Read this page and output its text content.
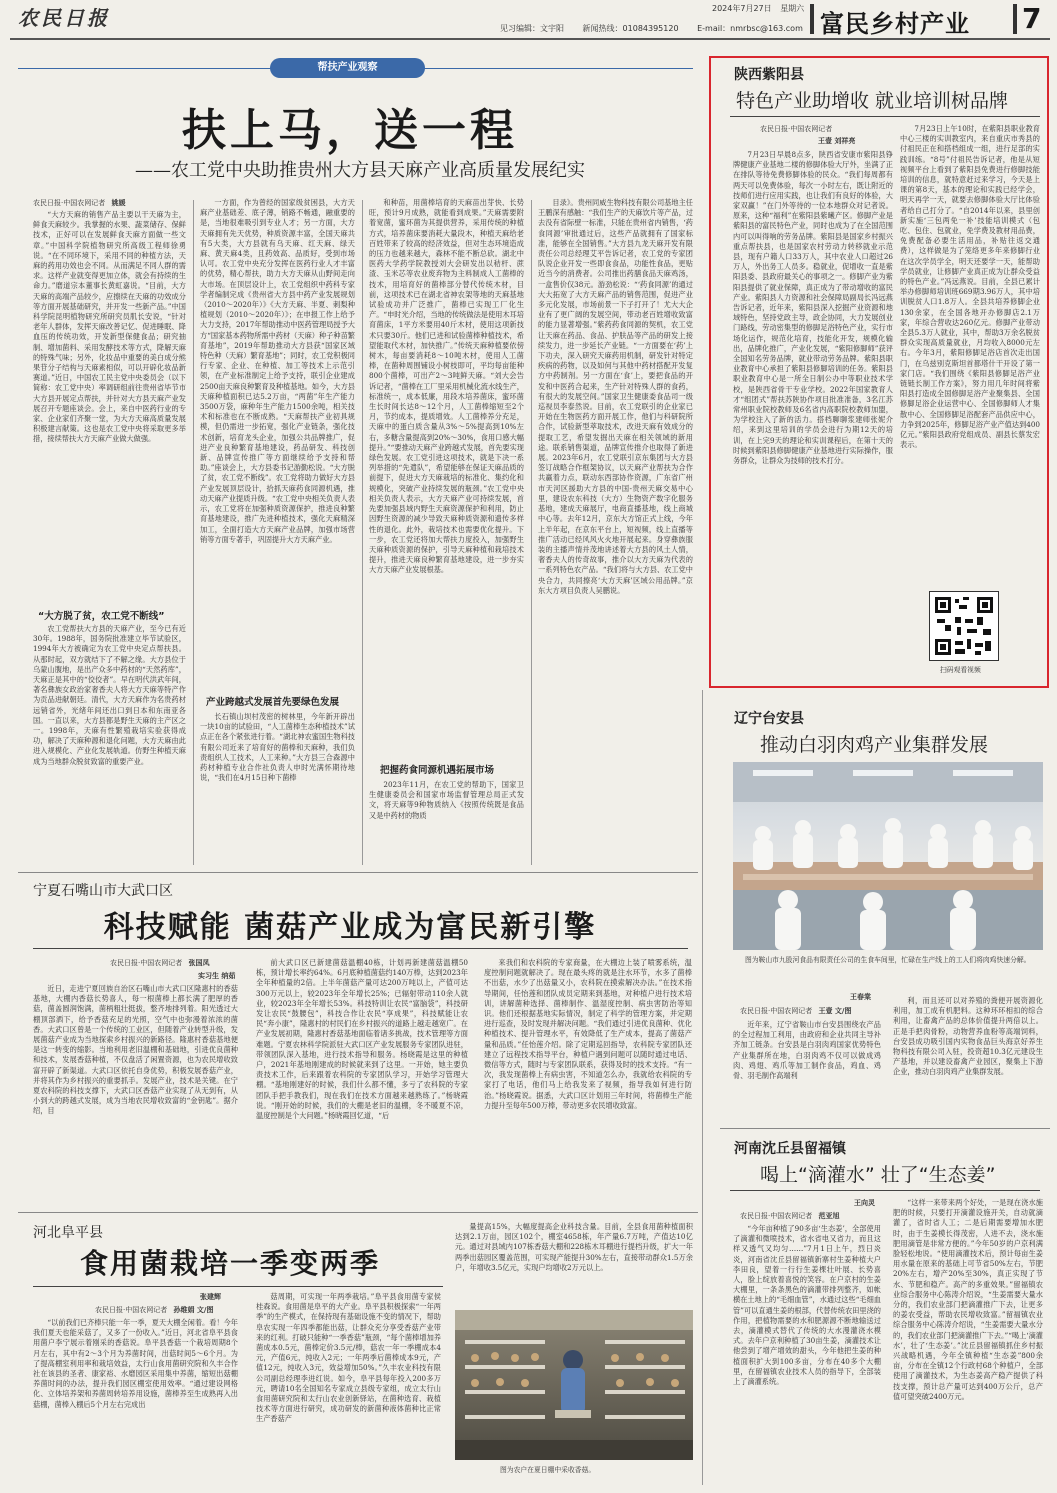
农民日报	2024年7月27日 星期六
见习编辑：文宇阳 新闻热线：01084395120 E-mail：nmrbsc@163.com 富民乡村产业 7
帮扶产业观察
扶上马，送一程
——农工党中央助推贵州大方县天麻产业高质量发展纪实
农民日报·中国农网记者 姚媛

“大方天麻的销售产品主要以干天麻为主，鲜食天麻较少。我掌握的水果、蔬菜储存、保鲜技术，正好可以在发展鲜食天麻方面做一些文章。”中国科学院植物研究所高级工程师徐勇说。“在不同环境下，采用不同的种植方法，天麻的药用功效也会不同。从而满足不同人群的需求。这样产业就变得更加立体，就会有持续的生命力。”磨道宗本董事长黄虹嘉说。“目前，大方天麻的高端产品较少，应擦续在天麻的功效成分等方面开展基础研究，并开发一些新产品。”中国科学院昆明植物研究所研究员肌长安说，“针对老年人群体，发挥天麻改善记忆、促进睡眠、降血压的传统功效，开发新型保健食品；研究抽制、增加菌料、采用发酵技术等方式，降解天麻的特殊气味；另外，化妆品中重要的美白成分熊果苷分子结构与天麻素相似，可以开辟化妆品新赛道。”近日，中国农工民主党中央委员会（以下简称：农工党中央）率调研组前往贵州省毕节市大方县开展定点帮扶，并针对大方县天麻产业发展召开专题座谈会。会上，来自中医药行业的专家、企业家们齐聚一堂，为大方天麻高质量发展积极建言献策。这也是农工党中央将采取更多举措，接续帮扶大方天麻产业做大做强。

“大方脱了贫，农工党不断线”

农工党帮扶大方县的天麻产业，至今已有近30年。1988年，国务院批准建立毕节试验区，1994年大方被确定为农工党中央定点帮扶县。从那时起，双方就结下了不解之缘。大方县位于乌蒙山腹地，是出产众多中药材的“天然药库”，天麻正是其中的“佼佼者”。早在明代洪武年间，著名彝族女政治家奢香夫人将大方天麻等特产作为贡品进献朝廷。清代，大方天麻作为名贵药材远销省外，光绪年间还出口到日本和东南亚各国。一直以来，大方县都是野生天麻的主产区之一。1998年，天麻有性繁殖栽培实验获得成功，解决了天麻种源和退化问题，大方天麻由此进入规模化、产业化发展轨道。仿野生种植天麻成为当地群众脱贫致富的重要产业。

一方面，作为曾经的国家级贫困县，大方天麻产业基础差、底子薄，销路不畅通，融重要的是，当地很难吸引到专业人才；另一方面，大方天麻拥有先天优势，种质资源丰富，全国天麻共有5大类，大方县就有乌天麻、红天麻、绿天麻、黄天麻4类，且药效高、品质好，受到市场认可。农工党中央充分发挥在医药行业人才丰富的优势，精心帮扶，助力大方天麻从山野间走向大市场。在顶层设计上，农工党组织中药科专家学者编制完成《贵州省大方县中药产业发展规划（2010～2020年）》《大方天麻、半夏、刺梨种植规划（2010～2020年）》；在申报工作上给予大力支持，2017年帮助推动中医药管理局授予大方“国家基本药物所需中药材（天麻）种子种苗繁育基地”，2019年帮助推动大方县获“国家区域特色种（天麻）繁育基地”；同时，农工党积极同行专家、企业、在种植、加工等技术上示范引领，在产业标准制定上给予支持，联引企业建成2500亩天麻良种繁育及种植基地。如今，大方县天麻种植面积已达5.2万亩，“两菌”年生产能力3500万袋，麻种年生产能力1500余吨，相关技术和标准也在不断成熟。“天麻帮扶产业初具规模，但仍需进一步拓宽，强化产业链条，强化技术创新，培育龙头企业，加强公共品牌推广，促进产业良种繁育基地建设，药品研发、科技创新、品牌宣传推广等方面继续给予支持和帮助。”座谈会上，大方县委书记游勤松说。“大方脱了贫，农工党不断线”。农工党将助力做好大方县产业发展顶层设计，拾抓天麻药食同源机遇，推动天麻产业提质升级。“农工党中央相关负责人表示，农工党将在加强种质资源保护，推进良种繁育基地建设，推广先进种植技术，强化天麻精深加工，全面打造大方天麻产业品牌，加强市场营销等方面专著手，巩固提升大方天麻产业。

产业跨越式发展首先要绿色发展

长石镇山坝村茂密的树林里，今年新开辟出一块10亩的试验田，“人工菌棒生态种植技术”试点正在各个紧张进行着。“湖北神农蜜国生物科技有限公司近来了培育好的菌棒和天麻种，我们负责组织人工技术，人工来种。”大方县三合森源中药材种植专业合作社负责人申时光满怀期待地说，“我们在4月15日种下菌棒

和种苗，用菌棒培育的天麻苗出芽快、长势旺，预计9月成熟，就能看到成果。”天麻需要附着宽菌，蜜环菌为其提供营养，采用传统的种植方式，培养菌床要消耗大量段木，种植天麻给老百姓带来了较高的经济效益，但对生态环境造成的压力也越来越大，森林不能不断总砍。湖北中医药大学药学院教授刘大会研发出以秸杆、蔗渣、玉米芯等农业废弃物为主料制成人工菌棒的技术，用培育好的菌棒部分替代传统木材，目前，这项技术已在湖北省神农架等地的天麻基地试验成功并广泛推广，菌棒已实现工厂化生产。“申时光介绍，当地的传统做法是使用木耳培育菌床，1平方米要用40斤木材，使用这项新技术只要30斤。他们已进和试验菌棒种植技术，希望能取代木材，加快推广。”传统天麻种植要依傍树木，每亩要消耗8～10吨木材，使用人工菌棒，在菌种周围铺设小树枝即可，平均每亩能种800个菌棒，可出产2～3吨鲜天麻。“刘大会告诉记者，“菌棒在工厂里采用机械化流水线生产，标准统一，成本低廉，用段木培养菌床，蜜环菌生长时间长达8～12个月，人工菌棒缩短至2个月，节约成本，提质增效。人工菌棒养分充足，天麻中的蛋白质含量从3%～5%提高到10%左右，多糖含量提高到20%～30%，食用口感大幅提升。”“要推动天麻产业跨越式发展，首先要实现绿色发展。农工党引进这项技术，就是下决一系列举措的“先遣队”，希望能够在保证天麻品质的前提下，促进大方天麻栽培的标准化、集约化和规模化，突破产业持续发展的瓶颈。”农工党中央相关负责人表示，大方天麻产业可持续发展，首先要加强县域内野生天麻资源保护和利用，防止因野生资源的减少导致天麻种质资源和遗传多样性的退化。此外，栽培技术也需要优化提升。下一步，农工党还将加大帮扶力度投入，加强野生天麻种质资源的保护，引导天麻种植和栽培技术提升，推进天麻良种繁育基地建设，进一步夯实大方天麻产业发展根基。

把握药食同源机遇拓展市场

2023年11月，在农工党的帮助下，国家卫生健康委员会和国家市场监督管理总局正式发文，将天麻等9种物质纳入《按照传统既是食品又是中药材的物质

目录》。贵州同威生物科技有限公司基地主任王鹏深有感触：“我们生产的天麻饮片等产品，过去没有省际壁一标准，只能在贵州省内销售，‘药食同源’审批通过后，这些产品就拥有了国家标准，能够在全国销售。”大方县九龙天麻开发有限责任公司总经理艾平告诉记者，农工党的专家团队说企业开发一些即食食品，功能性食品，更贴近当今的消费者。公司推出药膳食品天麻鸡汤，一盒售价仅38元。游劲松说：“‘药食同源’的通过大大拓宽了大方天麻产品的销售范围，促进产业多元化发展，市场前景一下子打开了！尤大大企业有了更广阔的发展空间，带动老百姓增收致富的能力显著增强。”紫药药食同源的契机，农工党让天麻在药品、食品、护肤品等产品的研发上接续发力，进一步延长产业链。“一方面要在‘药’上下功夫，深入研究天麻药用机制，研发针对特定疾病的药物，以及如何与其他中药材搭配开发复方中药制剂。另一方面在‘食’上，要把食品的开发和中医药合起来，生产针对特殊人群的食药，有很大的发展空间。”国家卫生健康委食品司一级巡视员李泰然说。目前，农工党联引的企业家已开始在生物医药方面开展工作，他们与科研院所合作，试验新型萃取技术，改进天麻有效成分的提取工艺，希望发掘出天麻在相关领域的新用途。联系销售渠道，品牌宣传推介也取得了新进展。2023年6月，农工党联引京东集团与大方县签订战略合作框架协议，以天麻产业帮扶为合作共赢着力点，联动东西部协作资源，广东省广州市天河区援助大方县的中国-贵州天麻交易中心里，建设农东科技（大方）生物资产数字化服务基地，建成天麻展厅，电商直播基地，线上商城中心等。去年12月，京东大方馆正式上线，今年上半年起，在京东平台上，短视频，线上直播等推广活动已经风风火火地开展起来。身穿彝族服装的主播声情并茂地讲述着大方县的风土人情，奢香夫人的传奇故事，推介以大方天麻为代表的一系列特色农产品。“我们将与大方县、农工党中央合力，共同擦亮‘大方天麻’区域公用品牌。”京东大方项目负责人吴鹏说。

陕西紫阳县
特色产业助增收 就业培训树品牌
农民日报·中国农网记者
王壹 刘祥亮

7月23日早晨8点多，陕西省安康市紫阳县铮牌健康产业基地二楼的修脚体验大厅外，坐满了正在排队等待免费修脚体验的民众。“我们每周都有两天可以免费体验，每次一小时左右，既让附近的技师们进行应用实践，也让我们有良好的体验，大家双赢！”在门外等待的一位本地群众对记者说。原来，这种“福利”在紫阳县紫曦产区。修脚产业是紫阳县的富民特色产业，同时也成为了在全国范围内可以叫得响的劳务品牌。紫阳县是国家乡村振兴重点帮扶县，也是国家农村劳动力转移就业示范县，现有户籍人口33万人，其中农业人口超过26万人，外出务工人员多。稳就业，促增收一直是紫阳县委、县政府最关心的事项之一。修脚产业为紫阳县提供了就业保障，真正成为了带动增收的富民产业。紫阳县人力资源和社会保障局副局长冯远燕告诉记者，近年来，紫阳县深入挖掘产业资源和地域特色，坚持党政主导，政企协同，大力发展创业门路线，劳动密集型的修脚足浴特色产业，实行市场化运作，规范化培育，技能化开发，规模化输出，品牌化推广，产业化发展，“紫阳修脚师”获评全国知名劳务品牌，就业带动劳务品牌。紫阳县职业教育中心承担了紫阳县修脚培训的任务。紫阳县职业教育中心是一所全日制公办中等职业技术学校，是陕西省骨干专业学校。2022年国家教育人才“组团式”帮扶苏陕协作项目批准准备，3名江苏常州职业院校教师及6名省内高职院校教师加盟，为学校注入了新的活力。搭档聊聊浆建师张妮介绍，来到这里培训的学员会进行为期12天的培训，在上完9天的理论和实训课程后，在第十天的时候到紫阳县修脚健康产业基地进行实际操作，服务群众，让群众为技师的技术打分。

7月23日上午10时，在紫阳县职业教育中心三楼的实训教室内，来自重庆市秀县的付祖民正在和搭档组成一组，进行足部的实践训练。“8号”付祖民告诉记者，他是从短视频平台上看到了紫阳县免费进行修脚技能培训的信息，就特意赶过来学习，今天是上课的第8天，基本的理论和实践已经学会，明天再学一天，就要去修脚体验大厅比体验者给自己打分了。“自2014年以来，县里创新实施‘三包两免一补’技能培训模式（包吃、包住、包就业，免学费及教材用品费，免费配备必要生活用品，补贴往返交通费），这样做是为了笼络更多年来修脚行业在这次学员学全，明天还要学一天，能帮助学员就业，让修脚产业真正成为让群众受益的特色产业。”冯远燕说。目前，全县已累计举办修脚师培训班669期3.96万人，其中培训脱贫人口1.8万人。全县共培养修脚企业130余家，在全国各地开办修脚店2.1万家，年综合营收达260亿元。修脚产业带动全县5.3万人就业，其中，帮助3万余名脱贫群众实现高质量就业，月均收入8000元左右。今年3月，紫阳修脚足浴店首次走出国门，在乌兹别克斯坦首都塔什干开设了第一家门店。“我们围绕《紫阳县修脚足浴产业链链长制工作方案》，努力用几年时间将紫阳县打造成全国修脚足浴产业聚集县、全国修脚足浴企业运营中心、全国修脚师人才集散中心、全国修脚足浴配套产品供应中心，力争到2025年，修脚足浴产业产值达到400亿元。”紫阳县政府党组成员、副县长蔡发宏表示。

扫码观看视频
辽宁台安县
推动白羽肉鸡产业集群发展
图为鞍山市九股河食品有限责任公司的生食车间里，忙碌在生产线上的工人们将肉鸡快速分解。
王春棠
农民日报·中国农网记者 王壹 文/图

近年来，辽宁省鞍山市台安县围绕农产品的全过程加工利用，由政府和企业共同主导补齐加工链条。台安县是白羽肉鸡国家优势特色产业集群所在地，白羽肉鸡不仅可以做成鸡肉、鸡翅、鸡爪等加工制作食品，鸡血、鸡骨、羽毛制作高端利

利，而且还可以对养殖的粪便开展资源化利用，加工成有机肥料。这种环环相扣的综合利用，让畜禽产品的总体价值提升两倍以上。正是手把肉骨粉，动物营养血粉等高端饲料，台安县成功吸引国内实物食品巨头海京好养生物科技有限公司入驻，投资超10.3亿元建设生产基地，并以建设畜禽产业园区，聚集上下游企业，推动白羽肉鸡产业集群发展。

河南沈丘县留福镇
喝上“滴灌水” 壮了“生态姜”
王向灵
农民日报·中国农网记者 范亚旭

“今年亩种植了90多亩‘生态姜’，全部使用了滴灌和微喷技术，省水省电又省力，而且这样又透气又均匀……”7月1日上午，烈日炎炎，河南省沈丘县留福镇新寨村生姜种植大户李田良，望着一行行生姜棵壮叶展、长势喜人，脸上绽放着喜悦的笑容。在户京村的生姜大棚里，一条条黑色的滴灌带排列整齐，如帐横在土地上的“毛细血管”，水通过这些“毛细血管”可以直通生姜的根部，代替传统农田里浇的作用，把植物需要的水和肥源源不断地输送过去，滴灌模式替代了传统的大水漫灌浇水模式。去年户京利种植了30亩生姜，滴灌技术让他尝到了增产增效的甜头，今年他把生姜的种植面积扩大到100多亩，分布在40多个大棚里，在留福镇农业技术人员的指导下，全部装上了滴灌系统。

“这样一来带来两个好处，一是现在浇水施肥的时候，只要打开滴灌设施开关，自动就滴灌了，省时省人工；二是后期需要增加水肥时，由于生姜模长得茂密，人进不去，浇水施肥用滴管是非常方便的。”今年50岁的户京利满脸轻松地说。“使用滴灌技术后，预计每亩生姜用水量在原来的基础上可节省50%左右，节肥20%左右，增产20%至30%，真正实现了节水、节肥和稳产。高产的多重效果。”留福镇农业综合服务中心陈涛介绍说，“生姜需要大量水分的，我们农业部门把滴灌推广下去，让更多的姜农受益，帮助农民增收致富。”留福镇农业综合服务中心陈涛介绍说，“生姜需要大量水分的，我们农业部门把滴灌推广下去。”“喝上‘滴灌水’，壮了‘生态姜’。”沈丘县留福镇抓住乡村振兴战略机遇，今年全镇种植“生态姜”800余亩，分布在全镇12个行政村68个种植户，全部使用了滴灌技术，为生态姜高产稳产提供了科技支撑，预计总产量可达到400万公斤，总产值可望突破2400万元。

宁夏石嘴山市大武口区
科技赋能 菌菇产业成为富民新引擎
农民日报·中国农网记者 张国凤
实习生 纳茹

近日，走进宁夏回族自治区石嘴山市大武口区隆惠村的香菇基地，大棚内香菇长势喜人，每一根菌棒上都长满了肥厚的香菇，菌盖圆润饱满，菌柄粗壮挺拔，整齐地排列着。阳光透过大棚顶部洒下，给予香菇充足的光照，空气中也弥漫着浓浓的菌香。大武口区曾是一个传统的工业区，但随着产业转型升级，发展菌菇产业成为当地探索乡村振兴的新路径。隆惠村香菇基地便是这一转变的缩影。当地利用老旧温棚和基础地，引进优良菌种和技术，发展香菇种植，不仅盘活了闲置资源，也为农民增收致富开辟了新渠道。大武口区依托自身优势，积极发展香菇产业，并将其作为乡村振兴的重要抓手。发展产业，技术是关键。在宁夏农科院的科技支撑下，大武口区香菇产业实现了从无到有，从小到大的跨越式发展，成为当地农民增收致富的“金钥匙”。据介绍，目

前大武口区已新建菌菇温棚40栋，计划再新建菌菇温棚50栋，预计增长率约64%。6月底种植菌菇约140万棒，达到2023年全年种植量的2倍。上半年菌菇产量可达200万吨以上，产值可达300万元以上，较2023年全年增长25%；已辐射带动110余人就业，较2023年全年增长53%。科技特训让农民“富脑袋”，科技研发让农民“鼓腰包”，科技合作让农民“享成果”，科技赋能让农民“奔小康”，隆惠村的村民们在乡村振兴的道路上越走越宽广。在产业发展初期，隆惠村香菇基地面临着诸多挑战，技术管理等方面难题。宁夏农林科学院派驻大武口区产业发展服务专家团队进驻，带领团队深入基地，进行技术指导和服务。杨晓霞是这里的种植户，2021年基地刚建成的时候就来到了这里。一开始，她主要负责技术工作，后来跟着农科院的专家团队学习，开始学习管理大棚。“基地刚建好的时候，我们什么都不懂，多亏了农科院的专家团队手把手教我们，现在我们在技术方面越来越熟练了。”杨晓霞说。“刚开始的时候，我们的大棚是老旧的温棚，冬不暖夏不凉，温度控制是个大问题。”杨晓霞回忆道，“后

来我们和农科院的专家商量，在大棚边上装了喷雾系统，温度控制问题就解决了。现在最头疼的就是注水环节，水多了菌棒不出菇，水少了出菇量又小，农科院在摸索解决办法。”在技术指导期间，任怡莲和团队成员定期来到基地，对种植户进行技术培训，讲解菌种选择、菌棒制作、温湿度控制、病虫害防治等知识。他们还根据基地实际情况，制定了科学的管理方案，并定期进行巡查，及时发现并解决问题。“我们通过引进优良菌种、优化种植技术、提升管理水平，有效降低了生产成本，提高了菌菇产量和品质。”任怡莲介绍。除了定期巡回指导，农科院专家团队还建立了远程技术指导平台，种植户遇到问题可以随时通过电话、微信等方式，随时与专家团队联系，获得及时的技术支持。“有一次，我发现菌棒上有病虫害，不知道怎么办，我就给农科院的专家打了电话，他们马上给我发来了视频，指导我如何进行防治。”杨晓霞说。据悉，大武口区计划用三年时间，将菌棒生产能力提升至每年500万棒，带动更多农民增收致富。

河北阜平县
食用菌栽培一季变两季
张建辉
农民日报·中国农网记者 孙维娟 文/图

“以前我们已齐棒只能一年一季，夏天大棚全闲着。看！今年我们夏天也能采菇了，又多了一份收入。”近日，河北省阜平县食用菌户李宁展示着刚采的香菇说。阜平县香菇一个栽培周期8个月左右，其中有2～3个月为养菌时间，出菇时间5～6个月。为了提高棚室利用率和栽培效益，太行山食用菌研究院和久丰合作社在该县的圣者、康家裕、水磨园区采用集中养菌，缩短出菇棚养菌时间的办法，提升我们园区棚室使用效率。“通过建设网格化、立体培养架和养菌周转培养用设施，菌棒养至生成熟再入出菇棚，菌棒入棚后5个月左右完成出

菇周期，可实现一年两季栽培。”阜平县食用菌专家侯桂森说。食用菌是阜平的大产业。阜平县积极探索“一年两季”的生产模式，在保持现有基础设施不变的情况下，帮助阜农实现一年四季都能出菇，让群众充分享受香菇产业带来的红利。打破只能种“一季香菇”瓶颈，“每个菌棒增加养菌成本0.5元，菌棒定价3.5元/棒，菇农一年一季棚成本4元，产值6元，纯收入2元；一年两季后菌棒成本9元，产值12元，纯收入3元，效益增加50%。”久丰农业科技有限公司副总经理李进红说。如今，阜平县每年投入200多万元，聘请10名全国知名专家成立县级专家组，成立太行山食用菌研究院和太行山农业创新驿站，在菌种选育、栽植技术等方面进行研究，成功研发的新菌种液体菌种比正常生产香菇产

量提高15%，大幅度提高企业科技含量。目前，全县食用菌种植面积达到2.1万亩，园区102个，棚室4658栋，年产量6.7万吨，产值达10亿元。通过对县域内107栋香菇大棚和228栋木耳棚进行提档升级，扩大一年两季出菇园区覆盖范围，可实现产能提升30%左右，直接带动群众1.5万余户，年增收3.5亿元，实现户均增收2万元以上。

图为农户在夏日棚中采收香菇。
